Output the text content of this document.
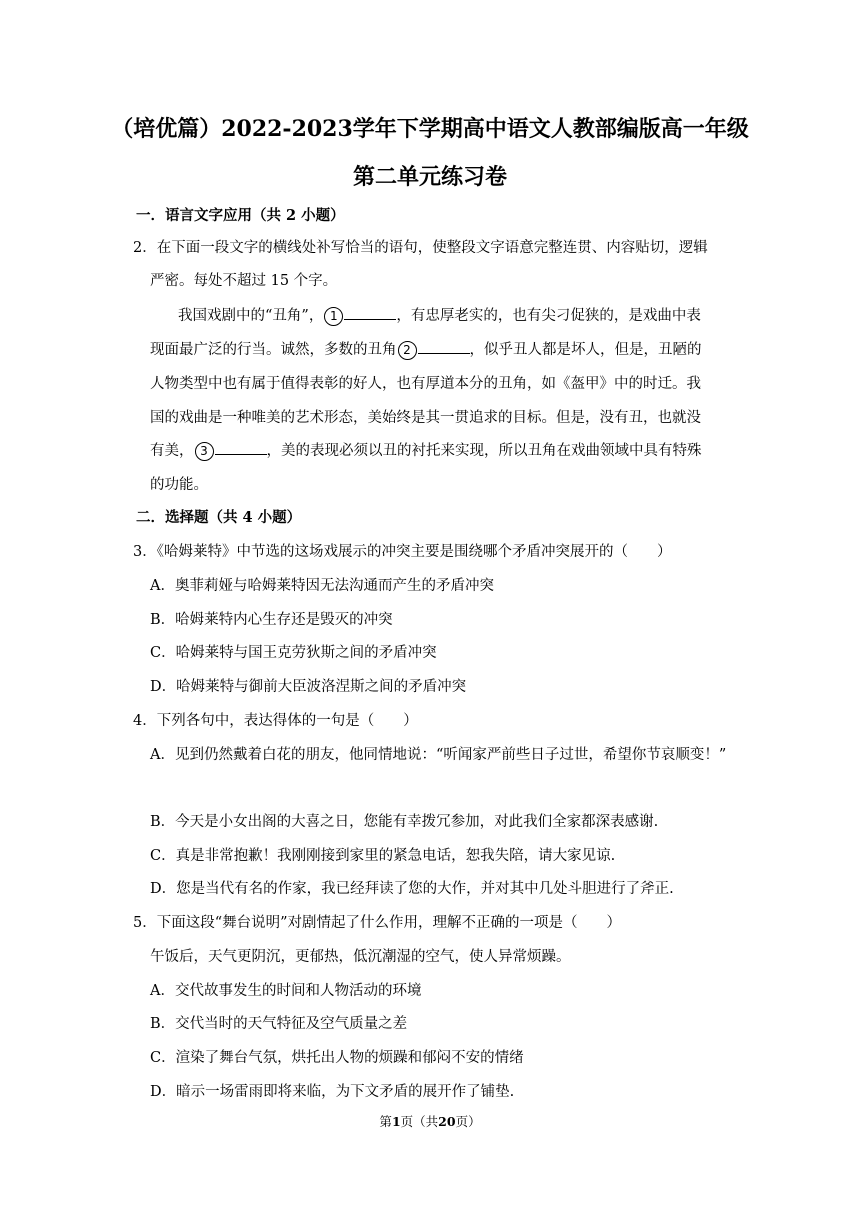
（培优篇）2022-2023学年下学期高中语文人教部编版高一年级
第二单元练习卷
一．语言文字应用（共 2 小题）
2．在下面一段文字的横线处补写恰当的语句，使整段文字语意完整连贯、内容贴切，逻辑
严密。每处不超过 15 个字。
我国戏剧中的“丑角”， 1	，有忠厚老实的，也有尖刁促狭的，是戏曲中表
现面最广泛的行当。诚然，多数的丑角 2	，似乎丑人都是坏人，但是，丑陋的
人物类型中也有属于值得表彰的好人，也有厚道本分的丑角，如《盔甲》中的时迁。我
国的戏曲是一种唯美的艺术形态，美始终是其一贯追求的目标。但是，没有丑，也就没
有美， 3	，美的表现必须以丑的衬托来实现，所以丑角在戏曲领域中具有特殊
的功能。
二．选择题（共 4 小题）
3．《哈姆莱特》中节选的这场戏展示的冲突主要是围绕哪个矛盾冲突展开的（　　）
A．奥菲莉娅与哈姆莱特因无法沟通而产生的矛盾冲突
B．哈姆莱特内心生存还是毁灭的冲突
C．哈姆莱特与国王克劳狄斯之间的矛盾冲突
D．哈姆莱特与御前大臣波洛涅斯之间的矛盾冲突
4．下列各句中，表达得体的一句是（　　）
A．见到仍然戴着白花的朋友，他同情地说：“听闻家严前些日子过世，希望你节哀顺变！”
B．今天是小女出阁的大喜之日，您能有幸拨冗参加，对此我们全家都深表感谢.
C．真是非常抱歉！我刚刚接到家里的紧急电话，恕我失陪，请大家见谅.
D．您是当代有名的作家，我已经拜读了您的大作，并对其中几处斗胆进行了斧正.
5．下面这段“舞台说明”对剧情起了什么作用，理解不正确的一项是（　　）
午饭后，天气更阴沉，更郁热，低沉潮湿的空气，使人异常烦躁。
A．交代故事发生的时间和人物活动的环境
B．交代当时的天气特征及空气质量之差
C．渲染了舞台气氛，烘托出人物的烦躁和郁闷不安的情绪
D．暗示一场雷雨即将来临，为下文矛盾的展开作了铺垫.
第1页（共20页）
